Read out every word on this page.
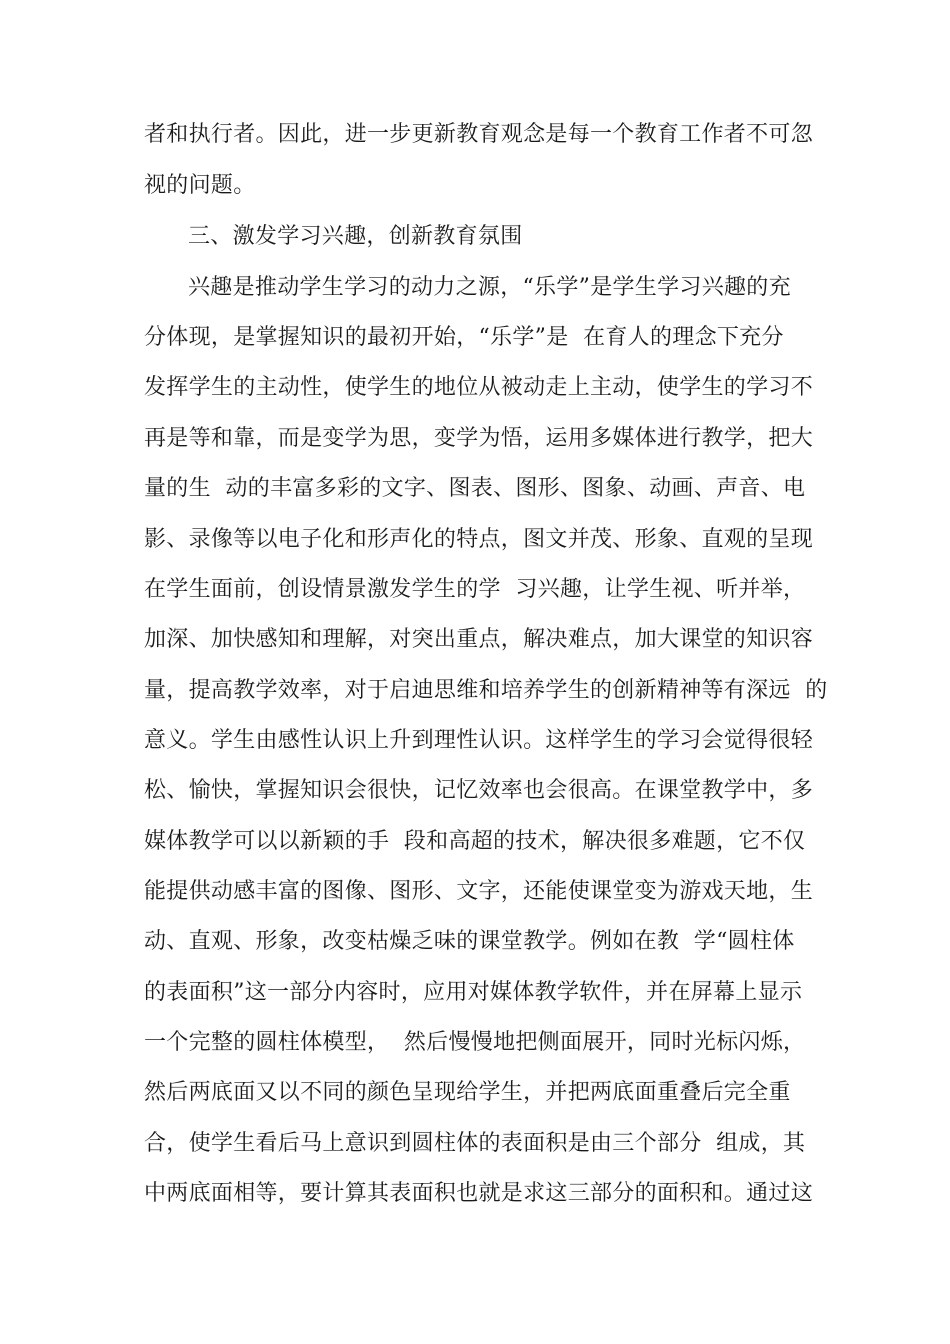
者和执行者。因此，进一步更新教育观念是每一个教育工作者不可忽
视的问题。
三、激发学习兴趣，创新教育氛围
兴趣是推动学生学习的动力之源，“乐学”是学生学习兴趣的充
分体现，是掌握知识的最初开始，“乐学”是  在育人的理念下充分
发挥学生的主动性，使学生的地位从被动走上主动，使学生的学习不
再是等和靠，而是变学为思，变学为悟，运用多媒体进行教学，把大
量的生  动的丰富多彩的文字、图表、图形、图象、动画、声音、电
影、录像等以电子化和形声化的特点，图文并茂、形象、直观的呈现
在学生面前，创设情景激发学生的学  习兴趣，让学生视、听并举，
加深、加快感知和理解，对突出重点，解决难点，加大课堂的知识容
量，提高教学效率，对于启迪思维和培养学生的创新精神等有深远  的
意义。学生由感性认识上升到理性认识。这样学生的学习会觉得很轻
松、愉快，掌握知识会很快，记忆效率也会很高。在课堂教学中，多
媒体教学可以以新颖的手  段和高超的技术，解决很多难题，它不仅
能提供动感丰富的图像、图形、文字，还能使课堂变为游戏天地，生
动、直观、形象，改变枯燥乏味的课堂教学。例如在教  学“圆柱体
的表面积”这一部分内容时，应用对媒体教学软件，并在屏幕上显示
一个完整的圆柱体模型，  然后慢慢地把侧面展开，同时光标闪烁，
然后两底面又以不同的颜色呈现给学生，并把两底面重叠后完全重
合，使学生看后马上意识到圆柱体的表面积是由三个部分  组成，其
中两底面相等，要计算其表面积也就是求这三部分的面积和。通过这
